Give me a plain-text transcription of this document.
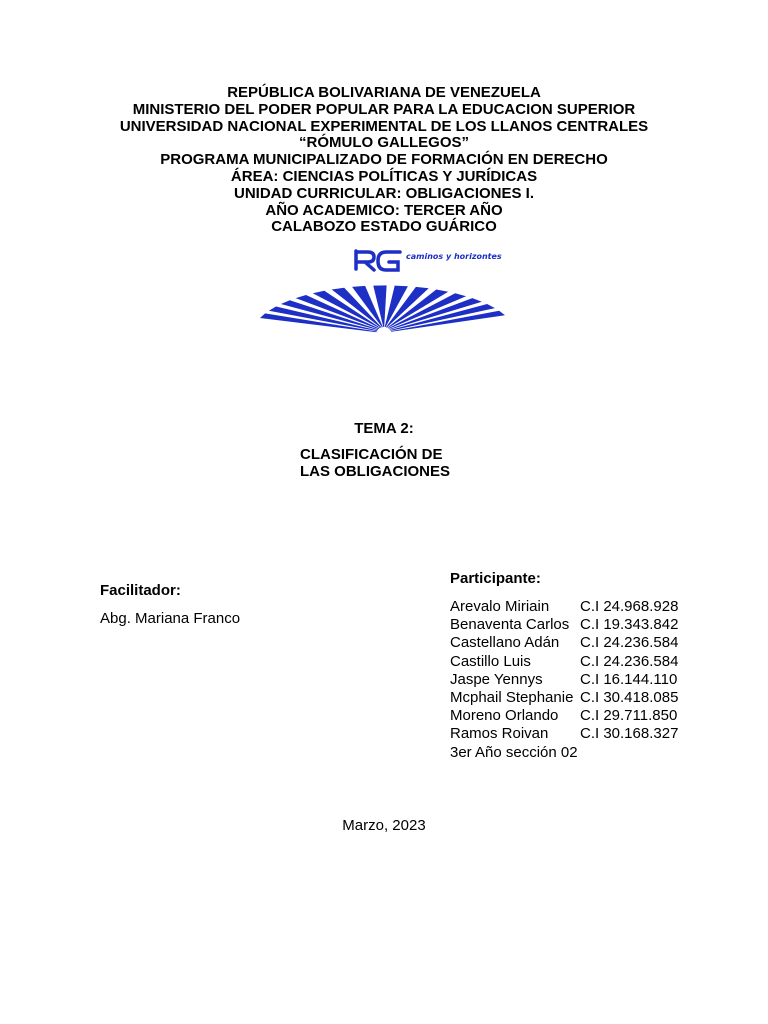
REPÚBLICA BOLIVARIANA DE VENEZUELA
MINISTERIO DEL PODER POPULAR PARA LA EDUCACION SUPERIOR
UNIVERSIDAD NACIONAL EXPERIMENTAL DE LOS LLANOS CENTRALES
“RÓMULO GALLEGOS”
PROGRAMA MUNICIPALIZADO DE FORMACIÓN EN DERECHO
ÁREA: CIENCIAS POLÍTICAS Y JURÍDICAS
UNIDAD CURRICULAR: OBLIGACIONES I.
AÑO ACADEMICO: TERCER AÑO
CALABOZO ESTADO GUÁRICO
caminos y horizontes
TEMA 2:
CLASIFICACIÓN DE
LAS OBLIGACIONES
Facilitador:
Abg. Mariana Franco
Participante:
Arevalo Miriain	C.I 24.968.928
Benaventa Carlos C.I 19.343.842
Castellano Adán	C.I 24.236.584
Castillo Luis	C.I 24.236.584
Jaspe Yennys	C.I 16.144.110
Mcphail Stephanie C.I 30.418.085
Moreno Orlando	C.I 29.711.850
Ramos Roivan	C.I 30.168.327
3er Año sección 02
Marzo, 2023
